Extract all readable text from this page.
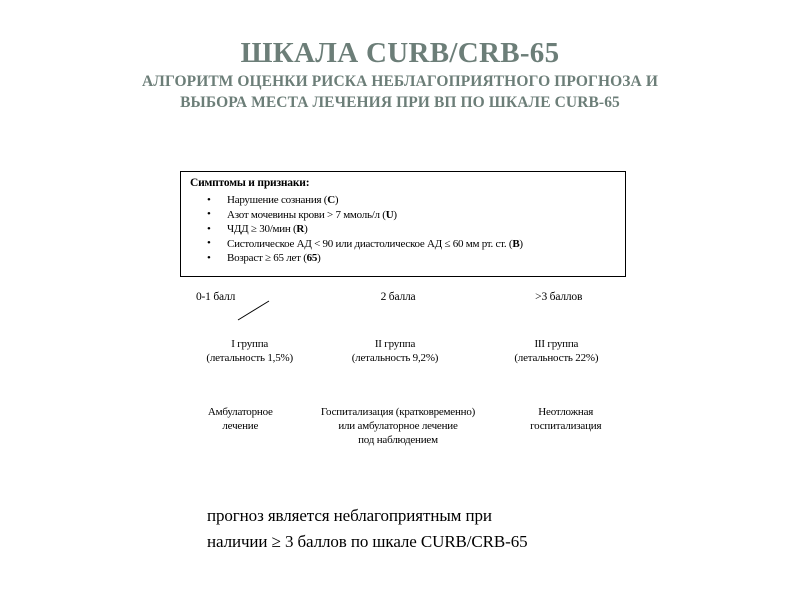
ШКАЛА CURB/CRB-65
АЛГОРИТМ ОЦЕНКИ РИСКА НЕБЛАГОПРИЯТНОГО ПРОГНОЗА И
ВЫБОРА МЕСТА ЛЕЧЕНИЯ ПРИ ВП ПО ШКАЛЕ CURB-65
Симптомы и признаки:
• Нарушение сознания (C)
• Азот мочевины крови > 7 ммоль/л (U)
• ЧДД ≥ 30/мин (R)
• Систолическое АД < 90 или диастолическое АД ≤ 60 мм рт. ст. (B)
• Возраст ≥ 65 лет (65)
0-1 балл	2 балла	>3 баллов
I группа
(летальность 1,5%)
II группа
(летальность 9,2%)
III группа
(летальность 22%)
Амбулаторное
лечение
Госпитализация (кратковременно)
или амбулаторное лечение
под наблюдением
Неотложная
госпитализация
прогноз является неблагоприятным при
наличии ≥ 3 баллов по шкале CURB/CRB-65
